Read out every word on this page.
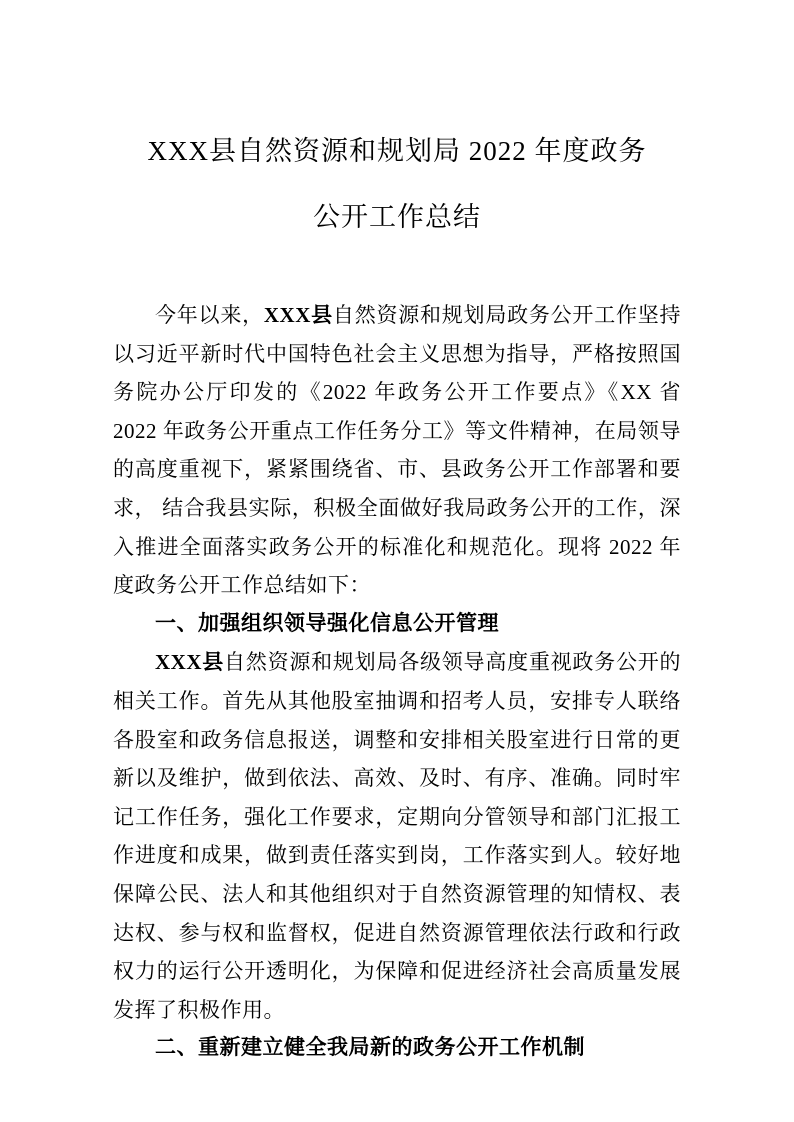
XXX县自然资源和规划局 2022 年度政务
公开工作总结

今年以来，XXX县自然资源和规划局政务公开工作坚持以习近平新时代中国特色社会主义思想为指导，严格按照国务院办公厅印发的《2022 年政务公开工作要点》《XX 省 2022 年政务公开重点工作任务分工》等文件精神，在局领导的高度重视下，紧紧围绕省、市、县政务公开工作部署和要求， 结合我县实际，积极全面做好我局政务公开的工作，深入推进全面落实政务公开的标准化和规范化。现将 2022 年度政务公开工作总结如下：

一、加强组织领导强化信息公开管理

XXX县自然资源和规划局各级领导高度重视政务公开的相关工作。首先从其他股室抽调和招考人员，安排专人联络各股室和政务信息报送，调整和安排相关股室进行日常的更新以及维护，做到依法、高效、及时、有序、准确。同时牢记工作任务，强化工作要求，定期向分管领导和部门汇报工作进度和成果，做到责任落实到岗，工作落实到人。较好地保障公民、法人和其他组织对于自然资源管理的知情权、表达权、参与权和监督权，促进自然资源管理依法行政和行政权力的运行公开透明化，为保障和促进经济社会高质量发展发挥了积极作用。

二、重新建立健全我局新的政务公开工作机制
